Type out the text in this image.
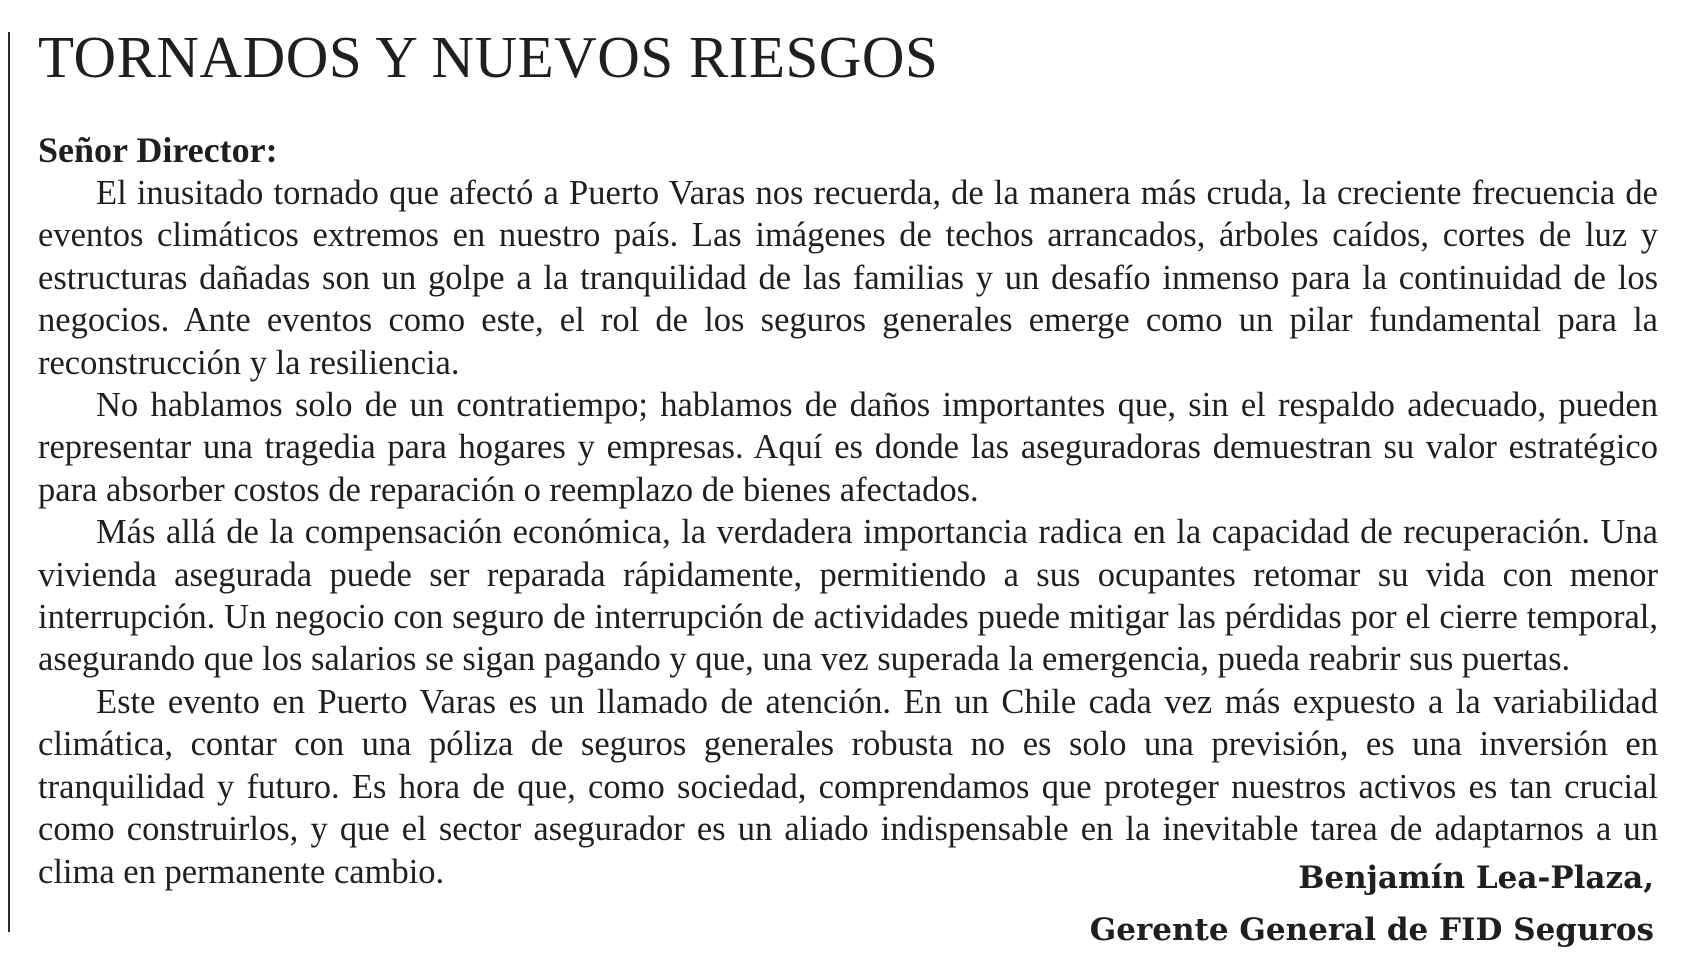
TORNADOS Y NUEVOS RIESGOS
Señor Director:

El inusitado tornado que afectó a Puerto Varas nos recuerda, de la manera más cruda, la creciente frecuencia de eventos climáticos extremos en nuestro país. Las imágenes de techos arrancados, árboles caídos, cortes de luz y estructuras dañadas son un golpe a la tranquilidad de las familias y un desafío inmenso para la continuidad de los negocios. Ante eventos como este, el rol de los seguros generales emerge como un pilar fundamental para la reconstrucción y la resiliencia.

No hablamos solo de un contratiempo; hablamos de daños importantes que, sin el respaldo adecuado, pueden representar una tragedia para hogares y empresas. Aquí es donde las aseguradoras demuestran su valor estratégico para absorber costos de reparación o reemplazo de bienes afectados.

Más allá de la compensación económica, la verdadera importancia radica en la capacidad de recuperación. Una vivienda asegurada puede ser reparada rápidamente, permitiendo a sus ocupantes retomar su vida con menor interrupción. Un negocio con seguro de interrupción de actividades puede mitigar las pérdidas por el cierre temporal, asegurando que los salarios se sigan pagando y que, una vez superada la emergencia, pueda reabrir sus puertas.

Este evento en Puerto Varas es un llamado de atención. En un Chile cada vez más expuesto a la variabilidad climática, contar con una póliza de seguros generales robusta no es solo una previsión, es una inversión en tranquilidad y futuro. Es hora de que, como sociedad, comprendamos que proteger nuestros activos es tan crucial como construirlos, y que el sector asegurador es un aliado indispensable en la inevitable tarea de adaptarnos a un clima en permanente cambio.	Benjamín Lea-Plaza,
Gerente General de FID Seguros
